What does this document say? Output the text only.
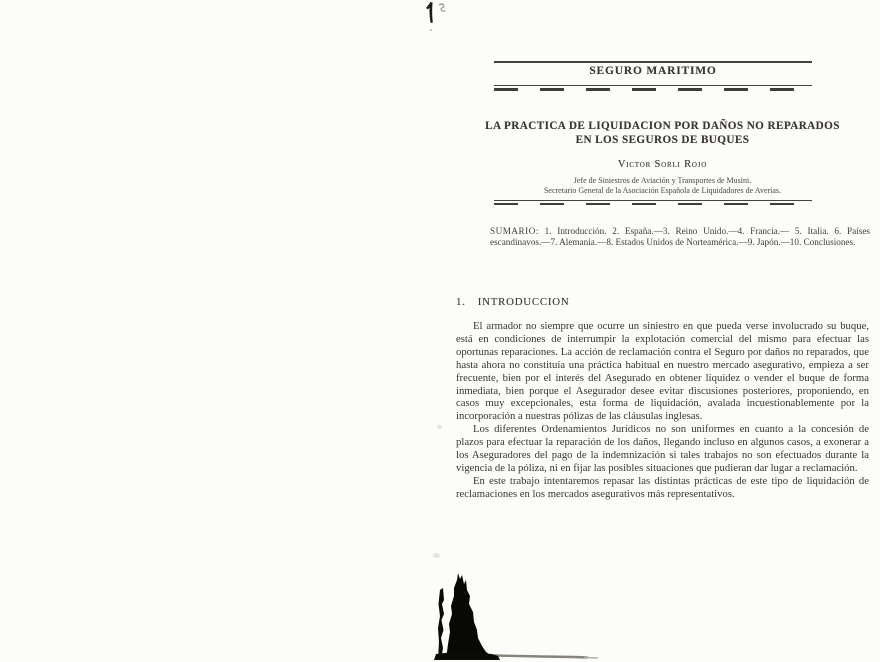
SEGURO MARITIMO
LA PRACTICA DE LIQUIDACION POR DAÑOS NO REPARADOS
EN LOS SEGUROS DE BUQUES
Victor Sorli Rojo
Jefe de Siniestros de Aviación y Transportes de Musini.
Secretario General de la Asociación Española de Liquidadores de Averías.
SUMARIO: 1. Introducción. 2. España.—3. Reino Unido.—4. Francia.— 5. Italia. 6. Países escandinavos.—7. Alemania.—8. Estados Unidos de Norteamérica.—9. Japón.—10. Conclusiones.
1. INTRODUCCION

El armador no siempre que ocurre un siniestro en que pueda verse involucrado su buque, está en condiciones de interrumpir la explotación comercial del mismo para efectuar las oportunas reparaciones. La acción de reclamación contra el Seguro por daños no reparados, que hasta ahora no constituía una práctica habitual en nuestro mercado asegurativo, empieza a ser frecuente, bien por el interés del Asegurado en obtener liquidez o vender el buque de forma inmediata, bien porque el Asegurador desee evitar discusiones posteriores, proponiendo, en casos muy excepcionales, esta forma de liquidación, avalada incuestionablemente por la incorporación a nuestras pólizas de las cláusulas inglesas.

Los diferentes Ordenamientos Jurídicos no son uniformes en cuanto a la concesión de plazos para efectuar la reparación de los daños, llegando incluso en algunos casos, a exonerar a los Aseguradores del pago de la indemnización si tales trabajos no son efectuados durante la vigencia de la póliza, ni en fijar las posibles situaciones que pudieran dar lugar a reclamación.

En este trabajo intentaremos repasar las distintas prácticas de este tipo de liquidación de reclamaciones en los mercados asegurativos más representativos.
